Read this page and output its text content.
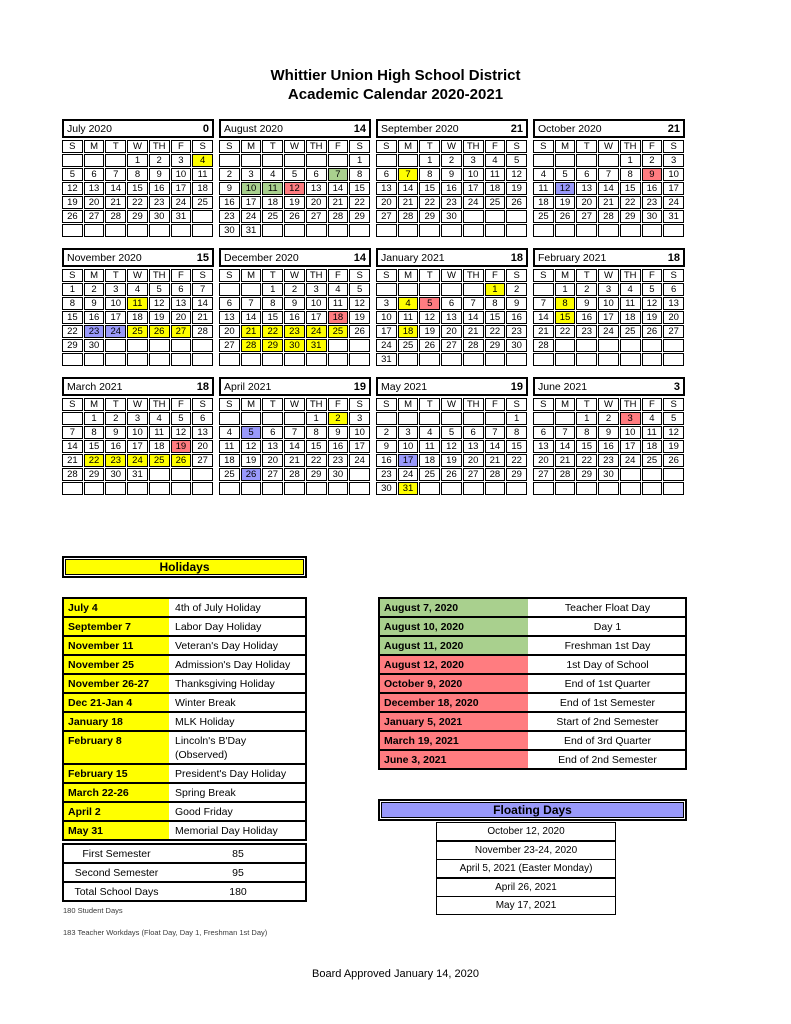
Whittier Union High School District
Academic Calendar 2020-2021
July 2020	0
S	M	T	W	TH	F	S
			1	2	3	4
5	6	7	8	9	10	11
12	13	14	15	16	17	18
19	20	21	22	23	24	25
26	27	28	29	30	31	

August 2020	14
S	M	T	W	TH	F	S
						1
2	3	4	5	6	7	8
9	10	11	12	13	14	15
16	17	18	19	20	21	22
23	24	25	26	27	28	29
30	31					
September 2020	21
S	M	T	W	TH	F	S
		1	2	3	4	5
6	7	8	9	10	11	12
13	14	15	16	17	18	19
20	21	22	23	24	25	26
27	28	29	30			

October 2020	21
S	M	T	W	TH	F	S
				1	2	3
4	5	6	7	8	9	10
11	12	13	14	15	16	17
18	19	20	21	22	23	24
25	26	27	28	29	30	31

November 2020	15
S	M	T	W	TH	F	S
1	2	3	4	5	6	7
8	9	10	11	12	13	14
15	16	17	18	19	20	21
22	23	24	25	26	27	28
29	30					

December 2020	14
S	M	T	W	TH	F	S
		1	2	3	4	5
6	7	8	9	10	11	12
13	14	15	16	17	18	19
20	21	22	23	24	25	26
27	28	29	30	31		

January 2021	18
S	M	T	W	TH	F	S
					1	2
3	4	5	6	7	8	9
10	11	12	13	14	15	16
17	18	19	20	21	22	23
24	25	26	27	28	29	30
31						
February 2021	18
S	M	T	W	TH	F	S
	1	2	3	4	5	6
7	8	9	10	11	12	13
14	15	16	17	18	19	20
21	22	23	24	25	26	27
28						

March 2021	18
S	M	T	W	TH	F	S
	1	2	3	4	5	6
7	8	9	10	11	12	13
14	15	16	17	18	19	20
21	22	23	24	25	26	27
28	29	30	31			

April 2021	19
S	M	T	W	TH	F	S
				1	2	3
4	5	6	7	8	9	10
11	12	13	14	15	16	17
18	19	20	21	22	23	24
25	26	27	28	29	30	

May 2021	19
S	M	T	W	TH	F	S
						1
2	3	4	5	6	7	8
9	10	11	12	13	14	15
16	17	18	19	20	21	22
23	24	25	26	27	28	29
30	31					
June 2021	3
S	M	T	W	TH	F	S
		1	2	3	4	5
6	7	8	9	10	11	12
13	14	15	16	17	18	19
20	21	22	23	24	25	26
27	28	29	30			

Holidays
July 4	4th of July Holiday
September 7	Labor Day Holiday
November 11	Veteran's Day Holiday
November 25	Admission's Day Holiday
November 26-27	Thanksgiving Holiday
Dec 21-Jan 4	Winter Break
January 18	MLK Holiday
February 8	Lincoln's B'Day (Observed)
February 15	President's Day Holiday
March 22-26	Spring Break
April 2	Good Friday
May 31	Memorial Day Holiday
August 7, 2020	Teacher Float Day
August 10, 2020	Day 1
August 11, 2020	Freshman 1st Day
August 12, 2020	1st Day of School
October 9, 2020	End of 1st Quarter
December 18, 2020	End of 1st Semester
January 5, 2021	Start of 2nd Semester
March 19, 2021	End of 3rd Quarter
June 3, 2021	End of 2nd Semester
Floating Days
October 12, 2020
November 23-24, 2020
April 5, 2021 (Easter Monday)
April 26, 2021
May 17, 2021
First Semester	85
Second Semester	95
Total School Days	180
180 Student Days
183 Teacher Workdays (Float Day, Day 1, Freshman 1st Day)
Board Approved January 14, 2020
